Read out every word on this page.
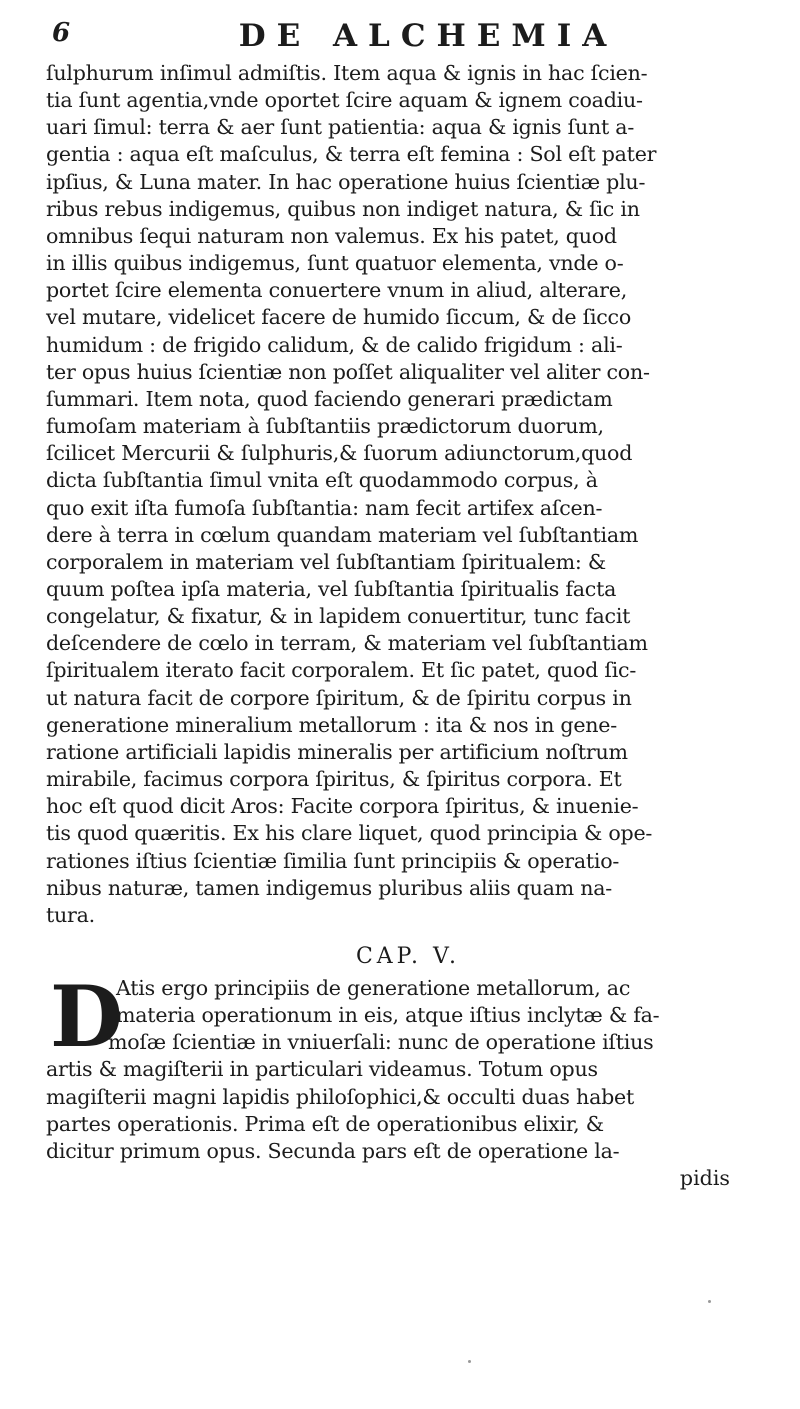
6	DE ALCHEMIA
ſulphurum inſimul admiſtis. Item aqua & ignis in hac ſcien-
tia ſunt agentia,vnde oportet ſcire aquam & ignem coadiu-
uari ſimul: terra & aer ſunt patientia: aqua & ignis ſunt a-
gentia : aqua eſt maſculus, & terra eſt femina : Sol eſt pater
ipſius, & Luna mater. In hac operatione huius ſcientiæ plu-
ribus rebus indigemus, quibus non indiget natura, & ſic in
omnibus ſequi naturam non valemus. Ex his patet, quod
in illis quibus indigemus, ſunt quatuor elementa, vnde o-
portet ſcire elementa conuertere vnum in aliud, alterare,
vel mutare, videlicet facere de humido ſiccum, & de ſicco
humidum : de frigido calidum, & de calido frigidum : ali-
ter opus huius ſcientiæ non poſſet aliqualiter vel aliter con-
ſummari. Item nota, quod faciendo generari prædictam
fumoſam materiam à ſubſtantiis prædictorum duorum,
ſcilicet Mercurii & ſulphuris,& ſuorum adiunctorum,quod
dicta ſubſtantia ſimul vnita eſt quodammodo corpus, à
quo exit iſta fumoſa ſubſtantia: nam fecit artifex aſcen-
dere à terra in cœlum quandam materiam vel ſubſtantiam
corporalem in materiam vel ſubſtantiam ſpiritualem: &
quum poſtea ipſa materia, vel ſubſtantia ſpiritualis facta
congelatur, & fixatur, & in lapidem conuertitur, tunc facit
deſcendere de cœlo in terram, & materiam vel ſubſtantiam
ſpiritualem iterato facit corporalem. Et ſic patet, quod ſic-
ut natura facit de corpore ſpiritum, & de ſpiritu corpus in
generatione mineralium metallorum : ita & nos in gene-
ratione artificiali lapidis mineralis per artificium noſtrum
mirabile, facimus corpora ſpiritus, & ſpiritus corpora. Et
hoc eſt quod dicit Aros: Facite corpora ſpiritus, & inuenie-
tis quod quæritis. Ex his clare liquet, quod principia & ope-
rationes iſtius ſcientiæ ſimilia ſunt principiis & operatio-
nibus naturæ, tamen indigemus pluribus aliis quam na-
tura.
CAP. V.
D
Atis ergo principiis de generatione metallorum, ac
materia operationum in eis, atque iſtius inclytæ & fa-
moſæ ſcientiæ in vniuerſali: nunc de operatione iſtius
artis & magiſterii in particulari videamus. Totum opus
magiſterii magni lapidis philoſophici,& occulti duas habet
partes operationis. Prima eſt de operationibus elixir, &
dicitur primum opus. Secunda pars eſt de operatione la-
pidis
